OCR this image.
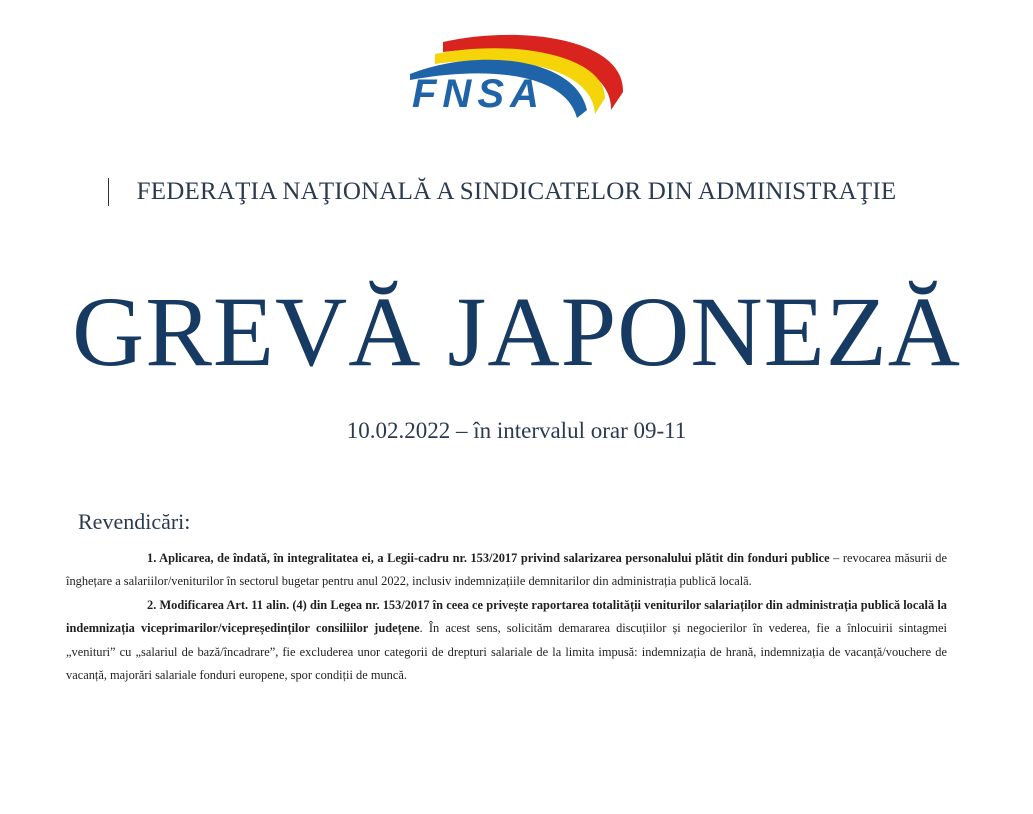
FNSA
FEDERAŢIA NAŢIONALĂ A SINDICATELOR DIN ADMINISTRAŢIE
GREVĂ JAPONEZĂ
10.02.2022 – în intervalul orar 09-11
Revendicări:

1. Aplicarea, de îndată, în integralitatea ei, a Legii-cadru nr. 153/2017 privind salarizarea personalului plătit din fonduri publice – revocarea măsurii de înghețare a salariilor/veniturilor în sectorul bugetar pentru anul 2022, inclusiv indemnizațiile demnitarilor din administrația publică locală.

2. Modificarea Art. 11 alin. (4) din Legea nr. 153/2017 în ceea ce privește raportarea totalității veniturilor salariaților din administrația publică locală la indemnizația viceprimarilor/vicepreședinților consiliilor județene. În acest sens, solicităm demararea discuțiilor și negocierilor în vederea, fie a înlocuirii sintagmei „venituri” cu „salariul de bază/încadrare”, fie excluderea unor categorii de drepturi salariale de la limita impusă: indemnizația de hrană, indemnizația de vacanță/vouchere de vacanță, majorări salariale fonduri europene, spor condiții de muncă.
